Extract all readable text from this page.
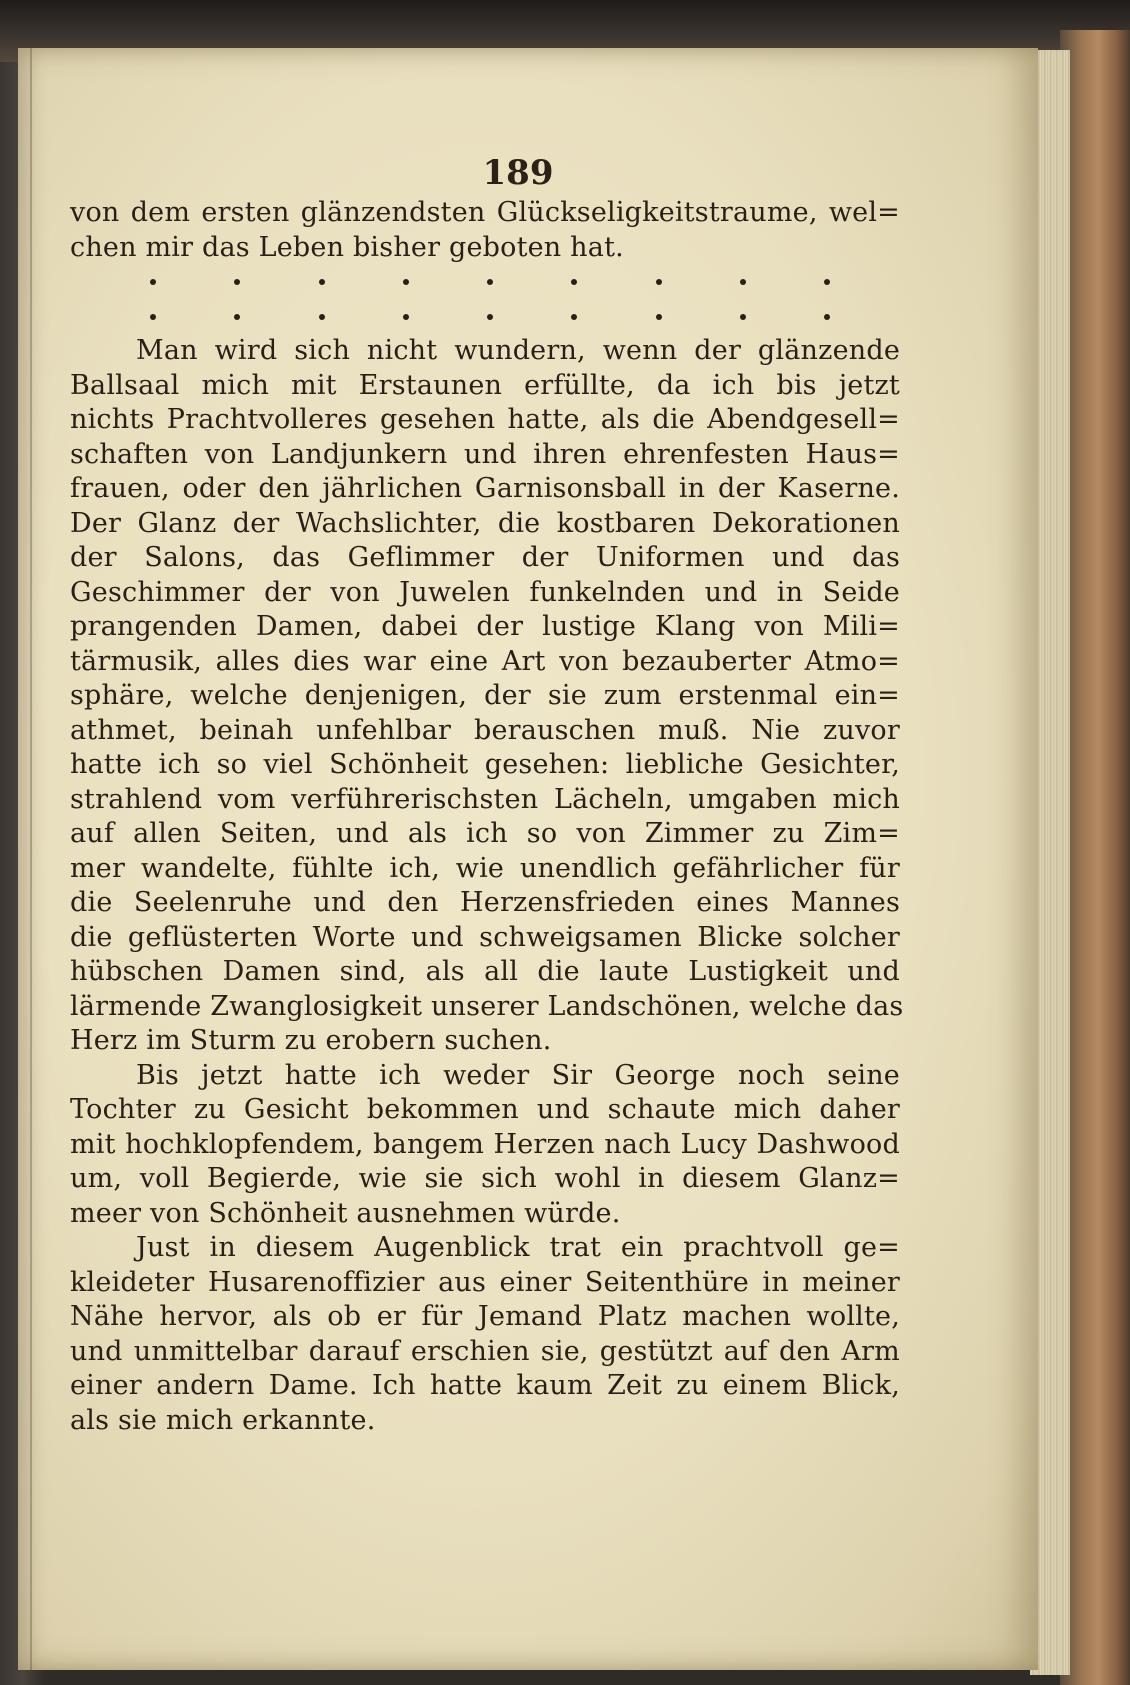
189
von dem ersten glänzendsten Glückseligkeitstraume, wel=
chen mir das Leben bisher geboten hat.
Man wird sich nicht wundern, wenn der glänzende
Ballsaal mich mit Erstaunen erfüllte, da ich bis jetzt
nichts Prachtvolleres gesehen hatte, als die Abendgesell=
schaften von Landjunkern und ihren ehrenfesten Haus=
frauen, oder den jährlichen Garnisonsball in der Kaserne.
Der Glanz der Wachslichter, die kostbaren Dekorationen
der Salons, das Geflimmer der Uniformen und das
Geschimmer der von Juwelen funkelnden und in Seide
prangenden Damen, dabei der lustige Klang von Mili=
tärmusik, alles dies war eine Art von bezauberter Atmo=
sphäre, welche denjenigen, der sie zum erstenmal ein=
athmet, beinah unfehlbar berauschen muß. Nie zuvor
hatte ich so viel Schönheit gesehen: liebliche Gesichter,
strahlend vom verführerischsten Lächeln, umgaben mich
auf allen Seiten, und als ich so von Zimmer zu Zim=
mer wandelte, fühlte ich, wie unendlich gefährlicher für
die Seelenruhe und den Herzensfrieden eines Mannes
die geflüsterten Worte und schweigsamen Blicke solcher
hübschen Damen sind, als all die laute Lustigkeit und
lärmende Zwanglosigkeit unserer Landschönen, welche das
Herz im Sturm zu erobern suchen.
Bis jetzt hatte ich weder Sir George noch seine
Tochter zu Gesicht bekommen und schaute mich daher
mit hochklopfendem, bangem Herzen nach Lucy Dashwood
um, voll Begierde, wie sie sich wohl in diesem Glanz=
meer von Schönheit ausnehmen würde.
Just in diesem Augenblick trat ein prachtvoll ge=
kleideter Husarenoffizier aus einer Seitenthüre in meiner
Nähe hervor, als ob er für Jemand Platz machen wollte,
und unmittelbar darauf erschien sie, gestützt auf den Arm
einer andern Dame. Ich hatte kaum Zeit zu einem Blick,
als sie mich erkannte.
